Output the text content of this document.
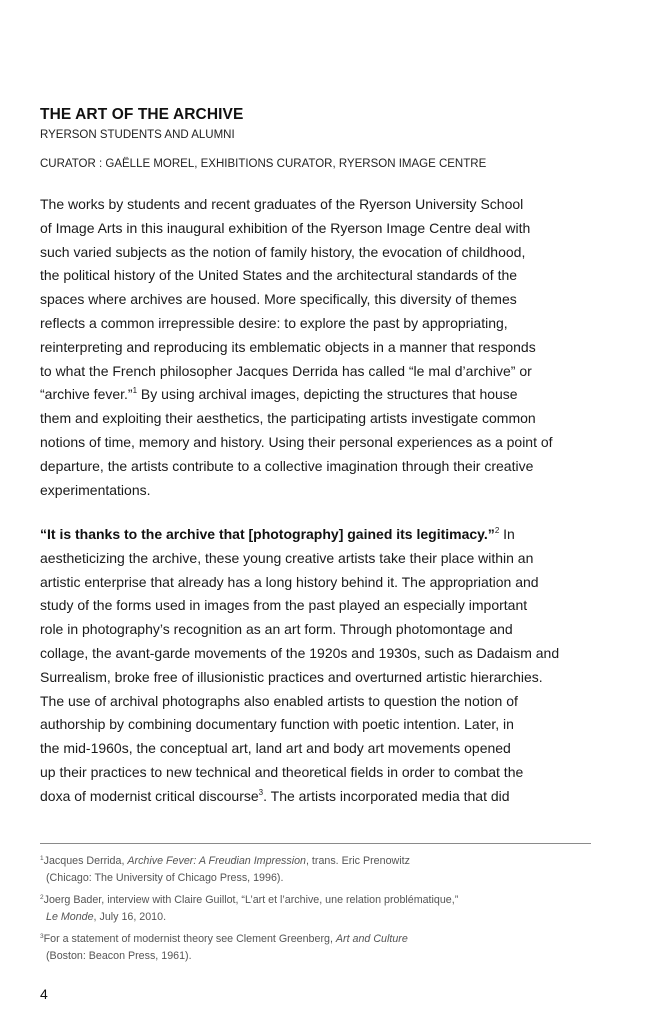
THE ART OF THE ARCHIVE
RYERSON STUDENTS AND ALUMNI
CURATOR : GAËLLE MOREL, EXHIBITIONS CURATOR, RYERSON IMAGE CENTRE
The works by students and recent graduates of the Ryerson University School
of Image Arts in this inaugural exhibition of the Ryerson Image Centre deal with
such varied subjects as the notion of family history, the evocation of childhood,
the political history of the United States and the architectural standards of the
spaces where archives are housed. More specifically, this diversity of themes
reflects a common irrepressible desire: to explore the past by appropriating,
reinterpreting and reproducing its emblematic objects in a manner that responds
to what the French philosopher Jacques Derrida has called “le mal d’archive” or
“archive fever.”$^1$ By using archival images, depicting the structures that house
them and exploiting their aesthetics, the participating artists investigate common
notions of time, memory and history. Using their personal experiences as a point of
departure, the artists contribute to a collective imagination through their creative
experimentations.
“It is thanks to the archive that [photography] gained its legitimacy.”$^2$ In
aestheticizing the archive, these young creative artists take their place within an
artistic enterprise that already has a long history behind it. The appropriation and
study of the forms used in images from the past played an especially important
role in photography’s recognition as an art form. Through photomontage and
collage, the avant-garde movements of the 1920s and 1930s, such as Dadaism and
Surrealism, broke free of illusionistic practices and overturned artistic hierarchies.
The use of archival photographs also enabled artists to question the notion of
authorship by combining documentary function with poetic intention. Later, in
the mid-1960s, the conceptual art, land art and body art movements opened
up their practices to new technical and theoretical fields in order to combat the
doxa of modernist critical discourse$^3$. The artists incorporated media that did
$^1$Jacques Derrida, Archive Fever: A Freudian Impression, trans. Eric Prenowitz
(Chicago: The University of Chicago Press, 1996).
$^2$Joerg Bader, interview with Claire Guillot, “L’art et l’archive, une relation problématique,”
Le Monde, July 16, 2010.
$^3$For a statement of modernist theory see Clement Greenberg, Art and Culture
(Boston: Beacon Press, 1961).
4
